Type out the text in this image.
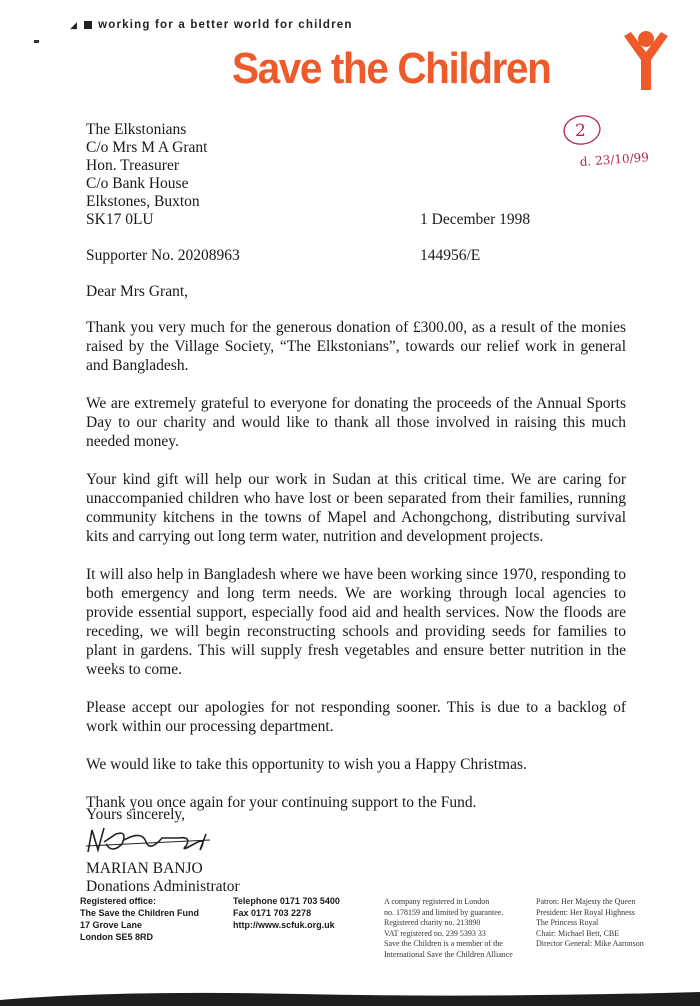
◢ working for a better world for children
Save the Children
2
d. 23/10/99
The Elkstonians
C/o Mrs M A Grant
Hon. Treasurer
C/o Bank House
Elkstones, Buxton
SK17 0LU	1 December 1998
Supporter No. 20208963	144956/E
Dear Mrs Grant,

Thank you very much for the generous donation of £300.00, as a result of the monies raised by the Village Society, “The Elkstonians”, towards our relief work in general and Bangladesh.

We are extremely grateful to everyone for donating the proceeds of the Annual Sports Day to our charity and would like to thank all those involved in raising this much needed money.

Your kind gift will help our work in Sudan at this critical time. We are caring for unaccompanied children who have lost or been separated from their families, running community kitchens in the towns of Mapel and Achongchong, distributing survival kits and carrying out long term water, nutrition and development projects.

It will also help in Bangladesh where we have been working since 1970, responding to both emergency and long term needs. We are working through local agencies to provide essential support, especially food aid and health services. Now the floods are receding, we will begin reconstructing schools and providing seeds for families to plant in gardens. This will supply fresh vegetables and ensure better nutrition in the weeks to come.

Please accept our apologies for not responding sooner. This is due to a backlog of work within our processing department.

We would like to take this opportunity to wish you a Happy Christmas.

Thank you once again for your continuing support to the Fund.

Yours sincerely,
MARIAN BANJO
Donations Administrator
Registered office:
The Save the Children Fund
17 Grove Lane
London SE5 8RD
Telephone 0171 703 5400
Fax 0171 703 2278
http://www.scfuk.org.uk
A company registered in London
no. 178159 and limited by guarantee.
Registered charity no. 213890
VAT registered no. 239 5393 33
Save the Children is a member of the
International Save the Children Alliance
Patron: Her Majesty the Queen
President: Her Royal Highness
The Princess Royal
Chair: Michael Bett, CBE
Director General: Mike Aaronson
